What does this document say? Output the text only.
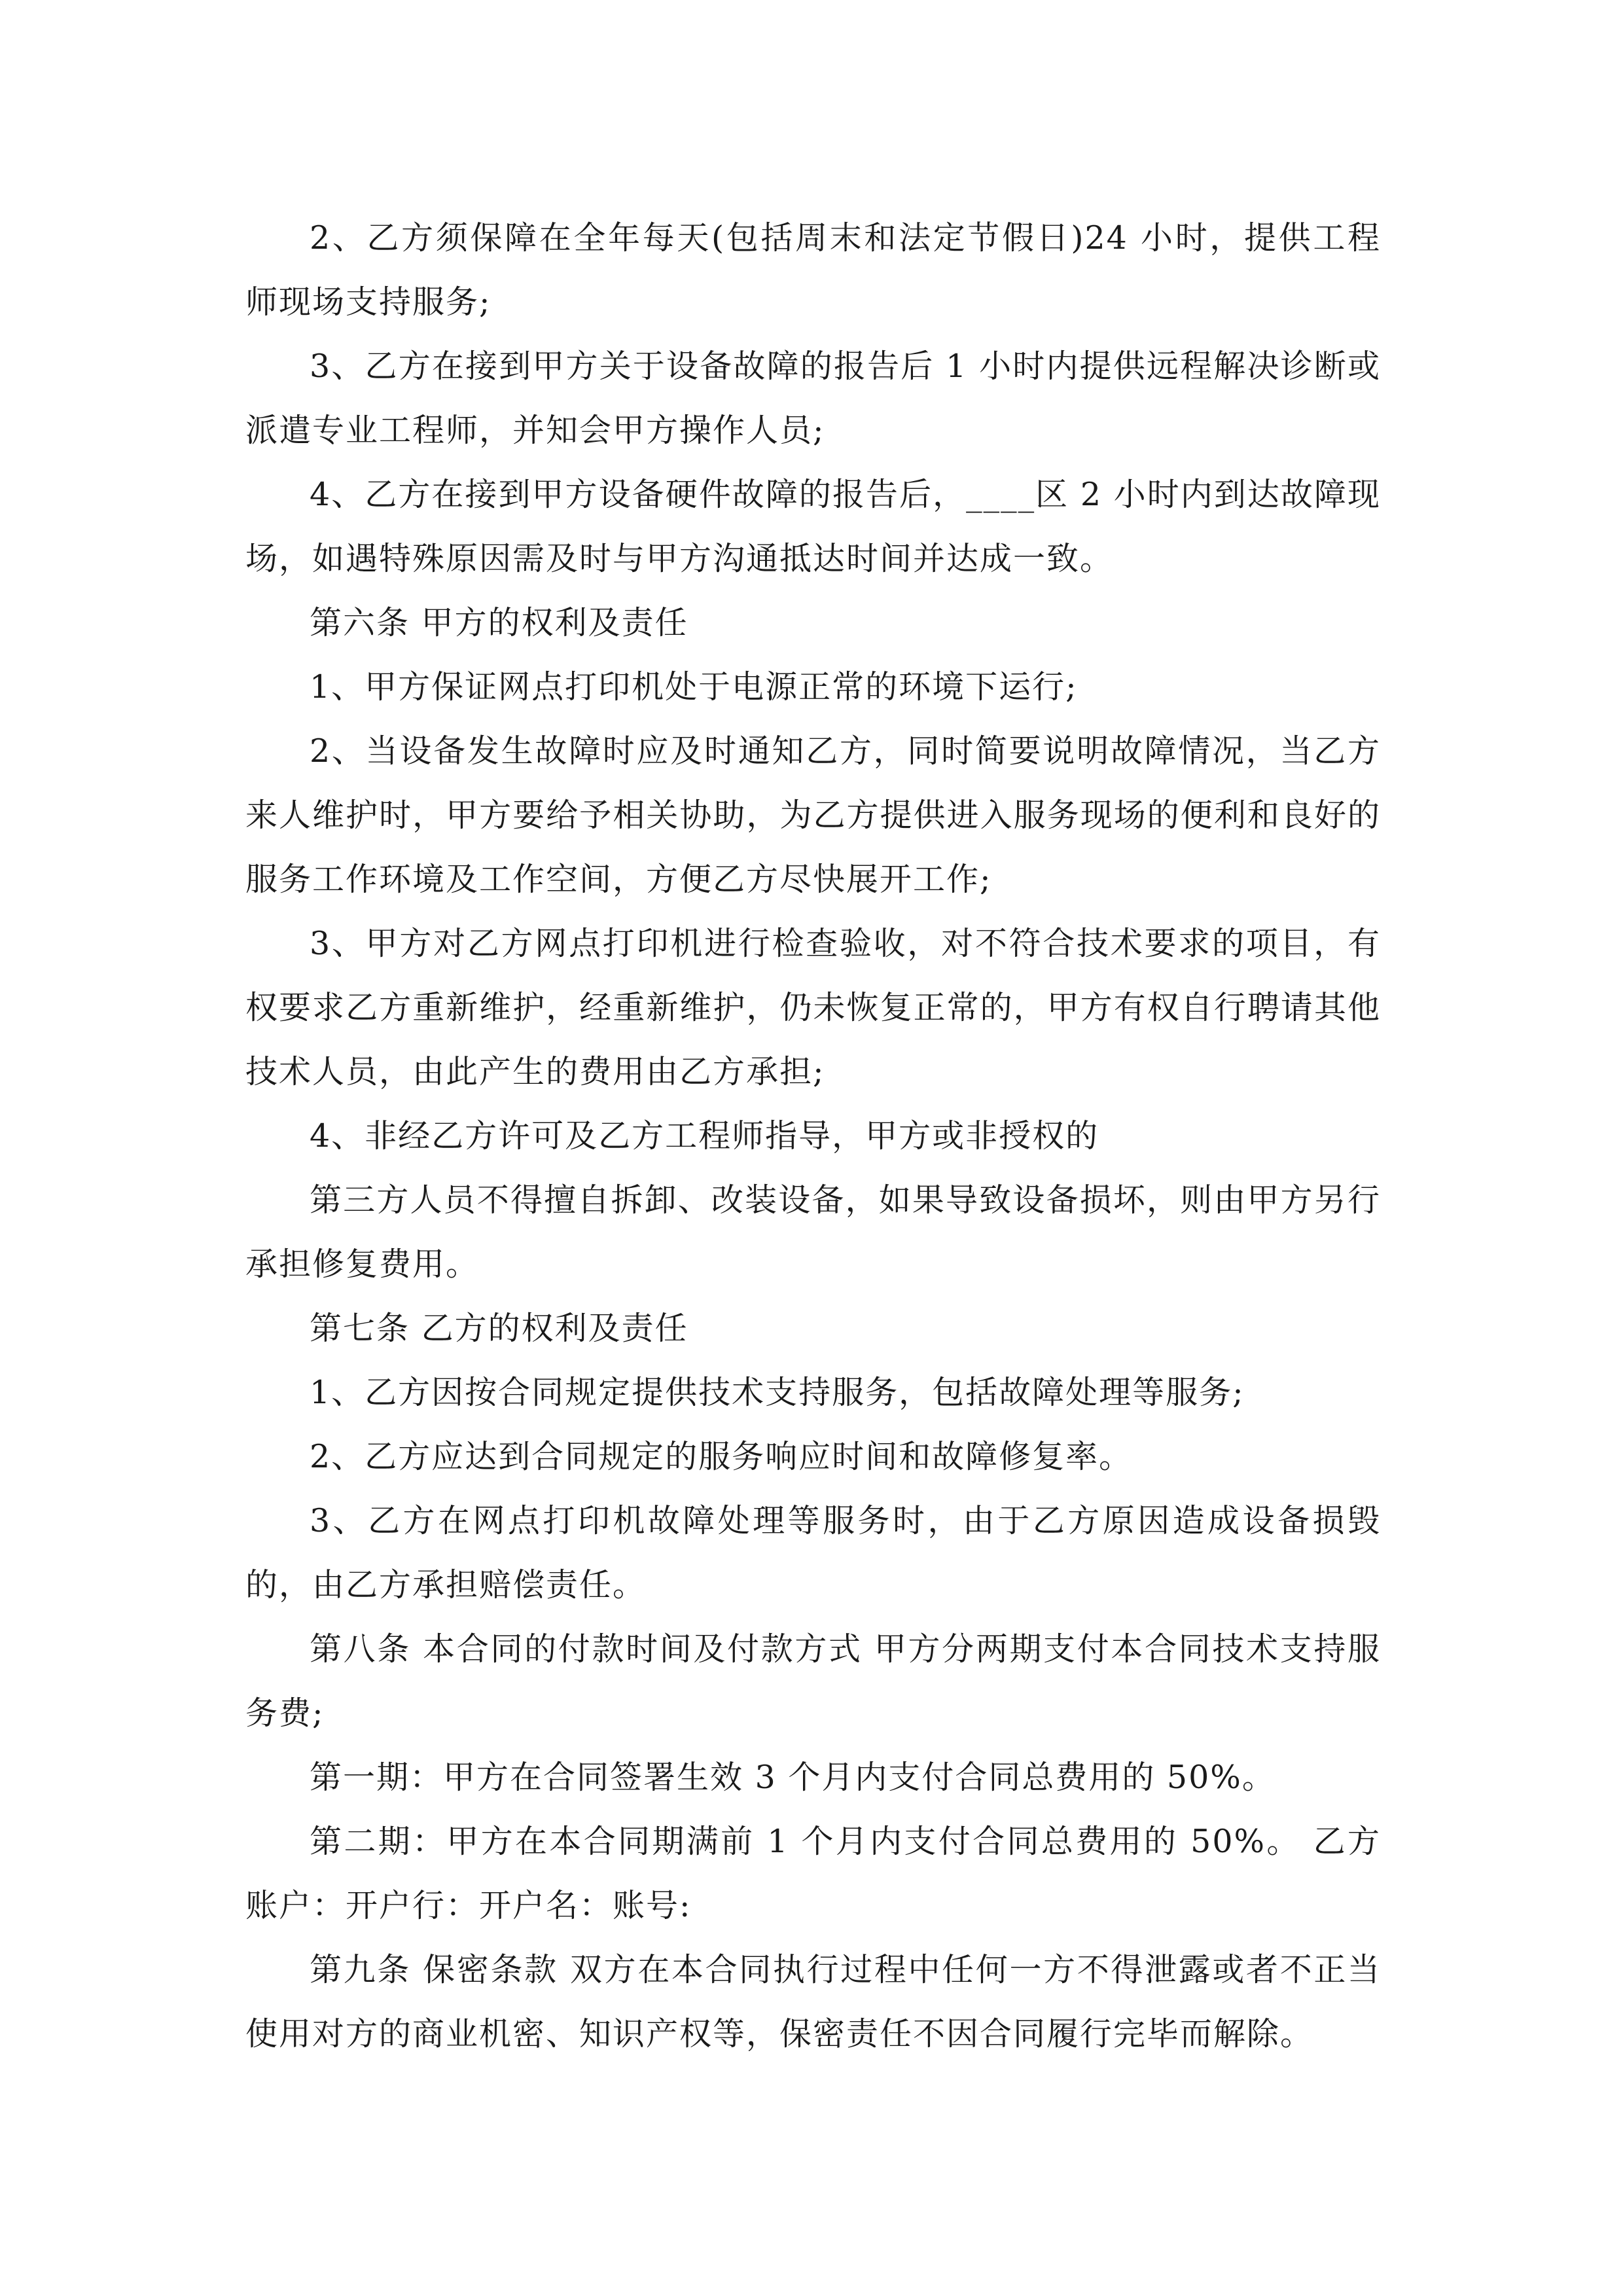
2、乙方须保障在全年每天(包括周末和法定节假日)24 小时，提供工程师现场支持服务;

3、乙方在接到甲方关于设备故障的报告后 1 小时内提供远程解决诊断或派遣专业工程师，并知会甲方操作人员;

4、乙方在接到甲方设备硬件故障的报告后，____区 2 小时内到达故障现场，如遇特殊原因需及时与甲方沟通抵达时间并达成一致。

第六条 甲方的权利及责任

1、甲方保证网点打印机处于电源正常的环境下运行;

2、当设备发生故障时应及时通知乙方，同时简要说明故障情况，当乙方来人维护时，甲方要给予相关协助，为乙方提供进入服务现场的便利和良好的服务工作环境及工作空间，方便乙方尽快展开工作;

3、甲方对乙方网点打印机进行检查验收，对不符合技术要求的项目，有权要求乙方重新维护，经重新维护，仍未恢复正常的，甲方有权自行聘请其他技术人员，由此产生的费用由乙方承担;

4、非经乙方许可及乙方工程师指导，甲方或非授权的

第三方人员不得擅自拆卸、改装设备，如果导致设备损坏，则由甲方另行承担修复费用。

第七条 乙方的权利及责任

1、乙方因按合同规定提供技术支持服务，包括故障处理等服务;

2、乙方应达到合同规定的服务响应时间和故障修复率。

3、乙方在网点打印机故障处理等服务时，由于乙方原因造成设备损毁的，由乙方承担赔偿责任。

第八条 本合同的付款时间及付款方式 甲方分两期支付本合同技术支持服务费;

第一期：甲方在合同签署生效 3 个月内支付合同总费用的 50%。

第二期：甲方在本合同期满前 1 个月内支付合同总费用的 50%。 乙方账户：开户行：开户名：账号:

第九条 保密条款 双方在本合同执行过程中任何一方不得泄露或者不正当使用对方的商业机密、知识产权等，保密责任不因合同履行完毕而解除。
